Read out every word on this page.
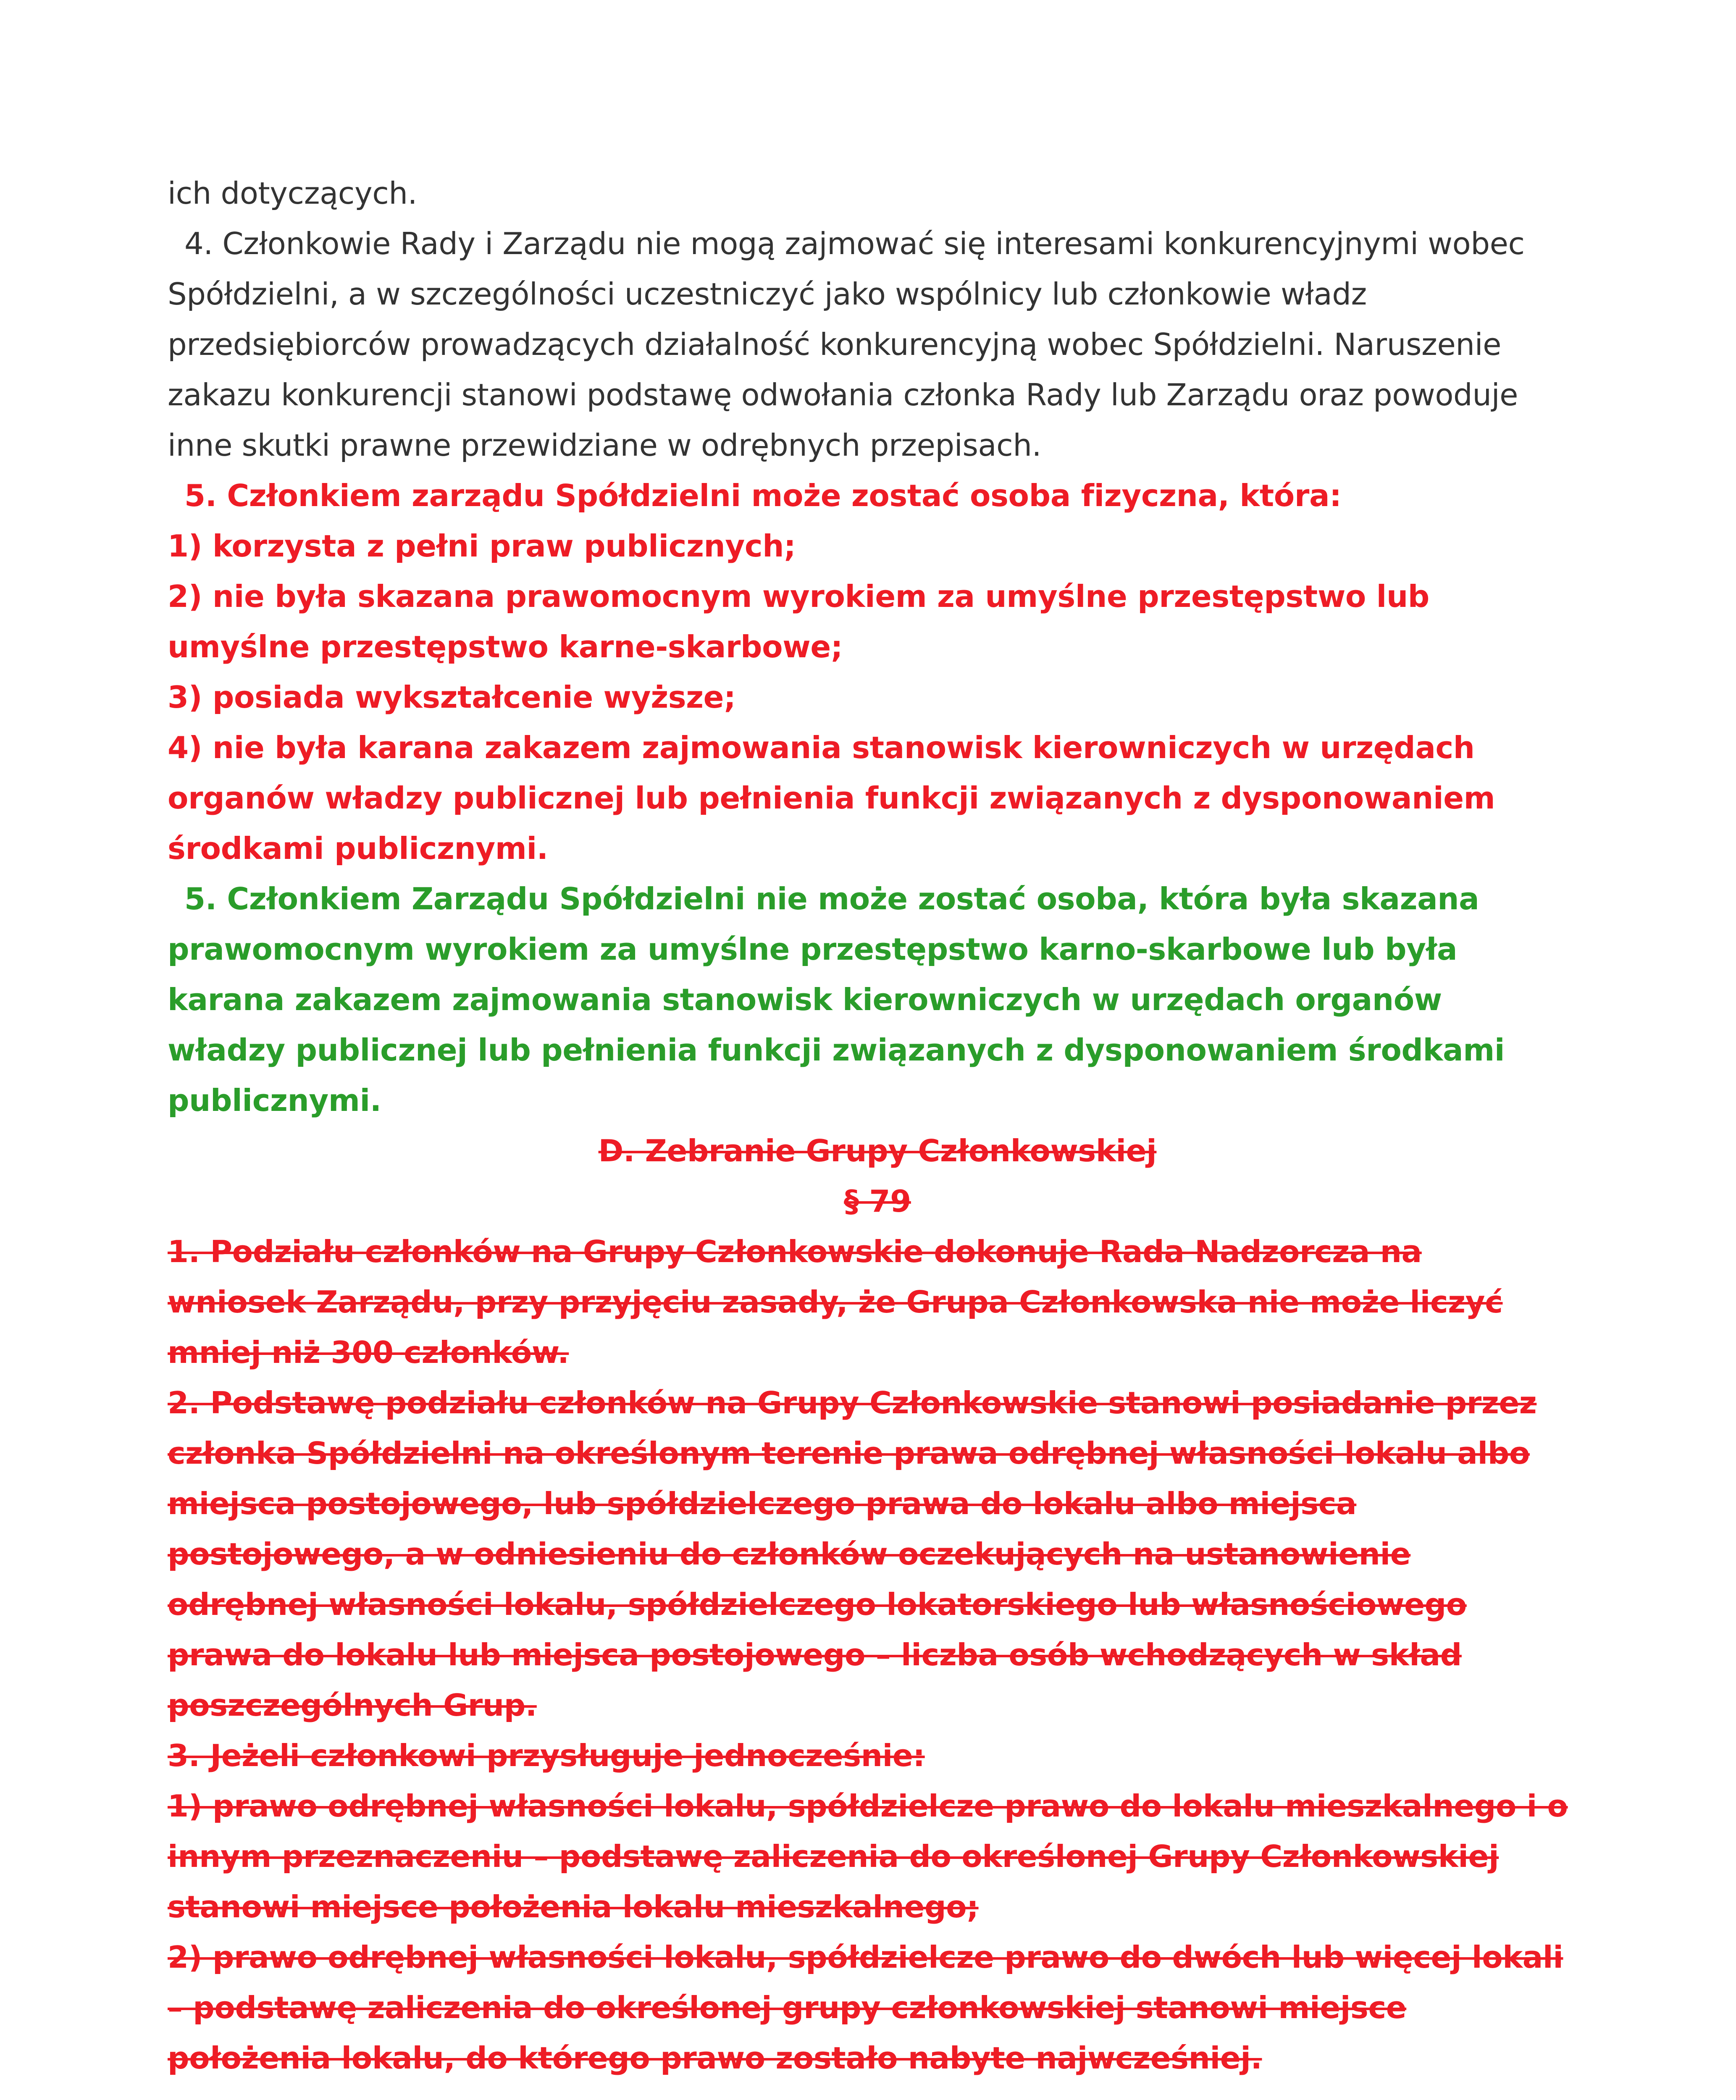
ich dotyczących.
4. Członkowie Rady i Zarządu nie mogą zajmować się interesami konkurencyjnymi wobec
Spółdzielni, a w szczególności uczestniczyć jako wspólnicy lub członkowie władz
przedsiębiorców prowadzących działalność konkurencyjną wobec Spółdzielni. Naruszenie
zakazu konkurencji stanowi podstawę odwołania członka Rady lub Zarządu oraz powoduje
inne skutki prawne przewidziane w odrębnych przepisach.
5. Członkiem zarządu Spółdzielni może zostać osoba fizyczna, która:
1) korzysta z pełni praw publicznych;
2) nie była skazana prawomocnym wyrokiem za umyślne przestępstwo lub
umyślne przestępstwo karne-skarbowe;
3) posiada wykształcenie wyższe;
4) nie była karana zakazem zajmowania stanowisk kierowniczych w urzędach
organów władzy publicznej lub pełnienia funkcji związanych z dysponowaniem
środkami publicznymi.
5. Członkiem Zarządu Spółdzielni nie może zostać osoba, która była skazana
prawomocnym wyrokiem za umyślne przestępstwo karno-skarbowe lub była
karana zakazem zajmowania stanowisk kierowniczych w urzędach organów
władzy publicznej lub pełnienia funkcji związanych z dysponowaniem środkami
publicznymi.
D. Zebranie Grupy Członkowskiej
§ 79
1. Podziału członków na Grupy Członkowskie dokonuje Rada Nadzorcza na
wniosek Zarządu, przy przyjęciu zasady, że Grupa Członkowska nie może liczyć
mniej niż 300 członków.
2. Podstawę podziału członków na Grupy Członkowskie stanowi posiadanie przez
członka Spółdzielni na określonym terenie prawa odrębnej własności lokalu albo
miejsca postojowego, lub spółdzielczego prawa do lokalu albo miejsca
postojowego, a w odniesieniu do członków oczekujących na ustanowienie
odrębnej własności lokalu, spółdzielczego lokatorskiego lub własnościowego
prawa do lokalu lub miejsca postojowego – liczba osób wchodzących w skład
poszczególnych Grup.
3. Jeżeli członkowi przysługuje jednocześnie:
1) prawo odrębnej własności lokalu, spółdzielcze prawo do lokalu mieszkalnego i o
innym przeznaczeniu – podstawę zaliczenia do określonej Grupy Członkowskiej
stanowi miejsce położenia lokalu mieszkalnego;
2) prawo odrębnej własności lokalu, spółdzielcze prawo do dwóch lub więcej lokali
– podstawę zaliczenia do określonej grupy członkowskiej stanowi miejsce
położenia lokalu, do którego prawo zostało nabyte najwcześniej.
